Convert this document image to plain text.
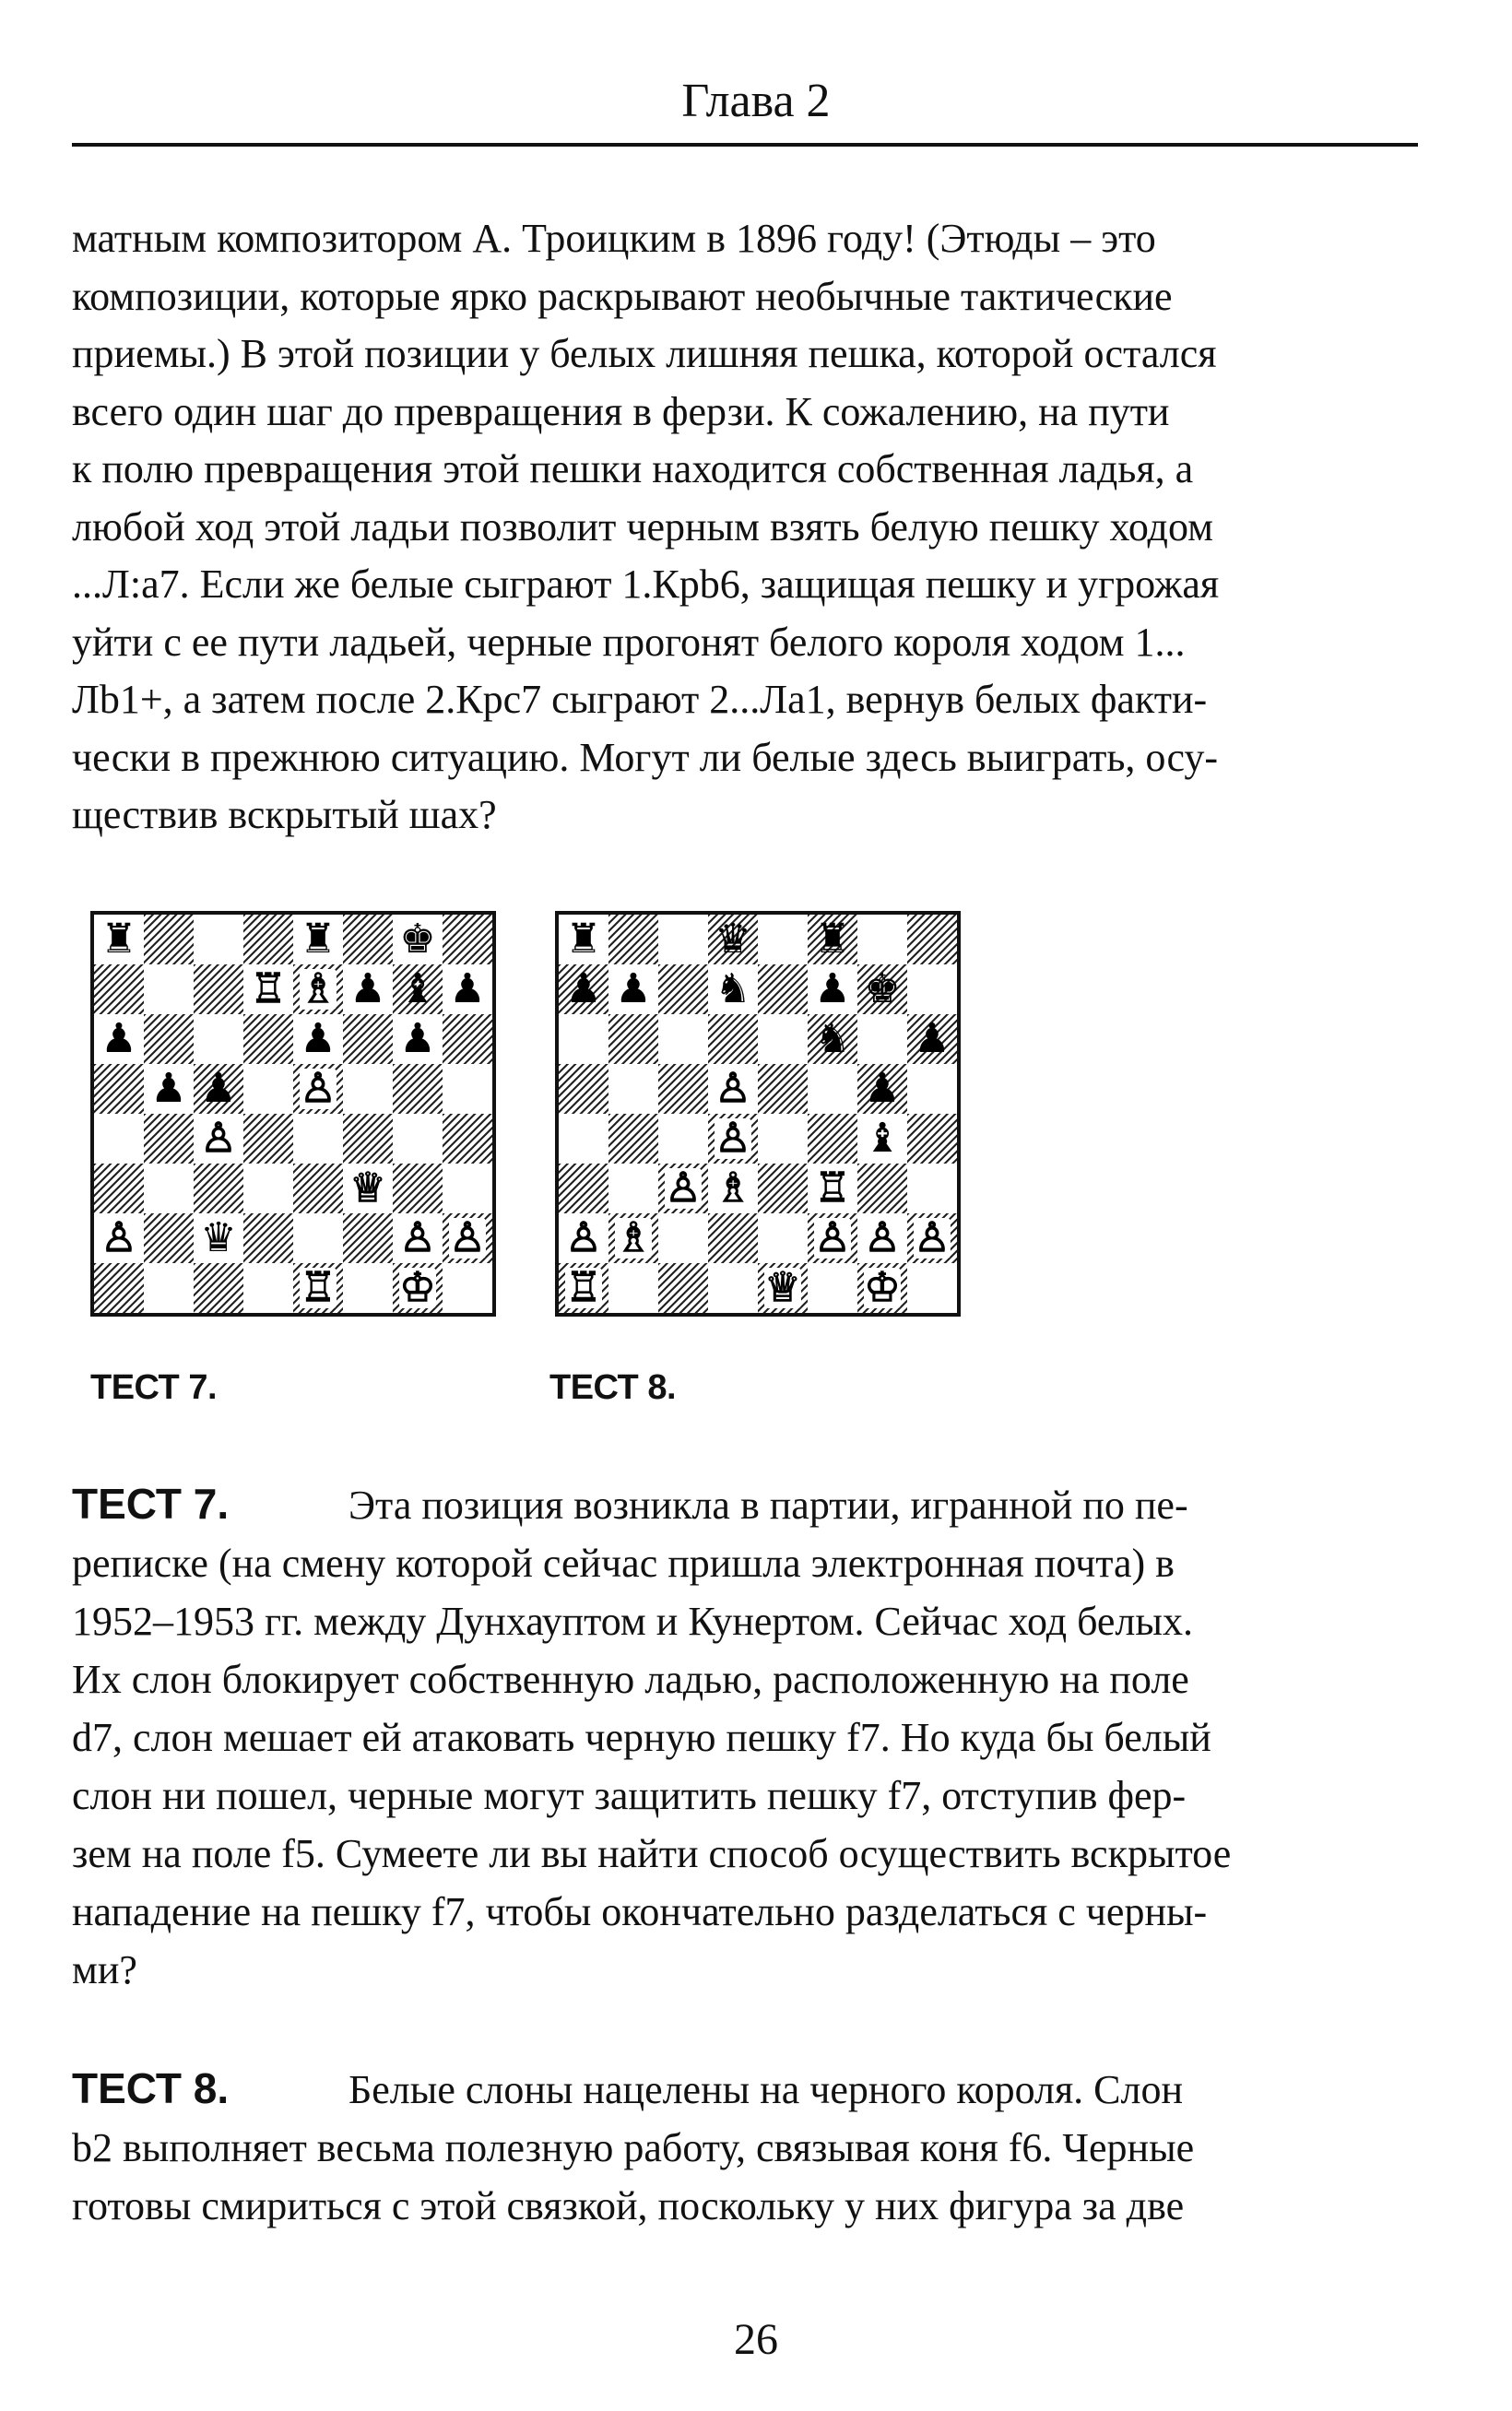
Глава 2
матным композитором А. Троицким в 1896 году! (Этюды – это
композиции, которые ярко раскрывают необычные тактические
приемы.) В этой позиции у белых лишняя пешка, которой остался
всего один шаг до превращения в ферзи. К сожалению, на пути
к полю превращения этой пешки находится собственная ладья, а
любой ход этой ладьи позволит черным взять белую пешку ходом
...Л:а7. Если же белые сыграют 1.Крb6, защищая пешку и угрожая
уйти с ее пути ладьей, черные прогонят белого короля ходом 1...
Лb1+, а затем после 2.Крс7 сыграют 2...Ла1, вернув белых факти-
чески в прежнюю ситуацию. Могут ли белые здесь выиграть, осу-
ществив вскрытый шах?
♜	♜ ♚
♖ ♗ ♟ ♝ ♟
♟	♟ ♟
♟ ♟ ♙
♙
♕
♙ ♛	♙ ♙
♖ ♔
♜	♛ ♜
♟ ♟ ♞ ♟ ♚
♞ ♟
♙	♟
♙	♝
♙ ♗ ♖
♙ ♗	♙ ♙ ♙
♖	♕ ♔
ТЕСТ 7.	ТЕСТ 8.
ТЕСТ 7.	Эта позиция возникла в партии, игранной по пе-
реписке (на смену которой сейчас пришла электронная почта) в
1952–1953 гг. между Дунхауптом и Кунертом. Сейчас ход белых.
Их слон блокирует собственную ладью, расположенную на поле
d7, слон мешает ей атаковать черную пешку f7. Но куда бы белый
слон ни пошел, черные могут защитить пешку f7, отступив фер-
зем на поле f5. Сумеете ли вы найти способ осуществить вскрытое
нападение на пешку f7, чтобы окончательно разделаться с черны-
ми?
ТЕСТ 8.	Белые слоны нацелены на черного короля. Слон
b2 выполняет весьма полезную работу, связывая коня f6. Черные
готовы смириться с этой связкой, поскольку у них фигура за две
26
